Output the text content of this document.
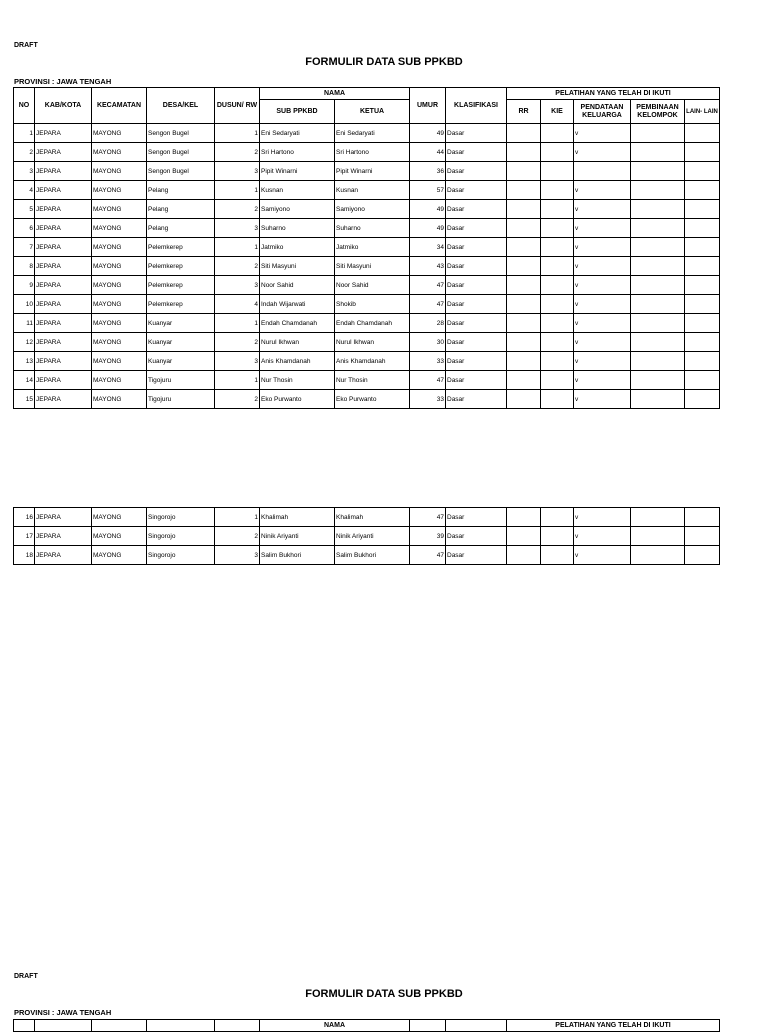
DRAFT
FORMULIR DATA SUB PPKBD
PROVINSI : JAWA TENGAH
NO	KAB/KOTA	KECAMATAN	DESA/KEL	DUSUN/ RW	NAMA		UMUR	KLASIFIKASI	PELATIHAN YANG TELAH DI IKUTI				
					SUB PPKBD	KETUA			RR	KIE	PENDATAAN KELUARGA	PEMBINAAN KELOMPOK	LAIN- LAIN
1	JEPARA	MAYONG	Sengon Bugel	1	Eni Sedaryati	Eni Sedaryati	49	Dasar			v		
2	JEPARA	MAYONG	Sengon Bugel	2	Sri Hartono	Sri Hartono	44	Dasar			v		
3	JEPARA	MAYONG	Sengon Bugel	3	Pipit Winarni	Pipit Winarni	36	Dasar					
4	JEPARA	MAYONG	Pelang	1	Kusnan	Kusnan	57	Dasar			v		
5	JEPARA	MAYONG	Pelang	2	Samiyono	Samiyono	49	Dasar			v		
6	JEPARA	MAYONG	Pelang	3	Suharno	Suharno	49	Dasar			v		
7	JEPARA	MAYONG	Pelemkerep	1	Jatmiko	Jatmiko	34	Dasar			v		
8	JEPARA	MAYONG	Pelemkerep	2	Siti Masyuni	Siti Masyuni	43	Dasar			v		
9	JEPARA	MAYONG	Pelemkerep	3	Noor Sahid	Noor Sahid	47	Dasar			v		
10	JEPARA	MAYONG	Pelemkerep	4	Indah Wijarwati	Shokib	47	Dasar			v		
11	JEPARA	MAYONG	Kuanyar	1	Endah Chamdanah	Endah Chamdanah	28	Dasar			v		
12	JEPARA	MAYONG	Kuanyar	2	Nurul Ikhwan	Nurul Ikhwan	30	Dasar			v		
13	JEPARA	MAYONG	Kuanyar	3	Anis Khamdanah	Anis Khamdanah	33	Dasar			v		
14	JEPARA	MAYONG	Tigojuru	1	Nur Thosin	Nur Thosin	47	Dasar			v		
15	JEPARA	MAYONG	Tigojuru	2	Eko Purwanto	Eko Purwanto	33	Dasar			v		
16	JEPARA	MAYONG	Singorojo	1	Khalimah	Khalimah	47	Dasar			v		
17	JEPARA	MAYONG	Singorojo	2	Ninik Ariyanti	Ninik Ariyanti	39	Dasar			v		
18	JEPARA	MAYONG	Singorojo	3	Salim Bukhori	Salim Bukhori	47	Dasar			v		
DRAFT
FORMULIR DATA SUB PPKBD
PROVINSI : JAWA TENGAH
					NAMA			PELATIHAN YANG TELAH DI IKUTI
